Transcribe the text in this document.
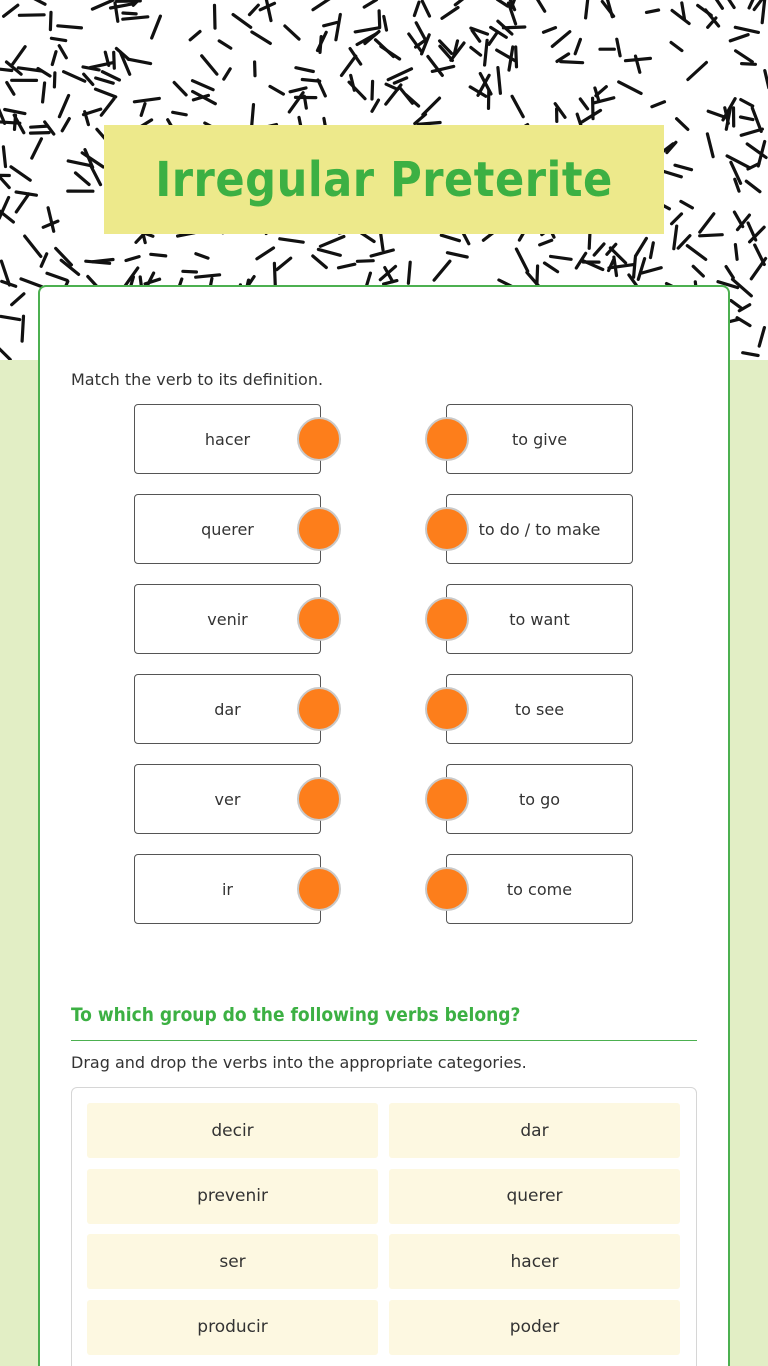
Irregular Preterite
Match the verb to its definition.
hacer	to give
querer	to do / to make
venir	to want
dar	to see
ver	to go
ir	to come
To which group do the following verbs belong?
Drag and drop the verbs into the appropriate categories.
decir	dar
prevenir	querer
ser	hacer
producir	poder
